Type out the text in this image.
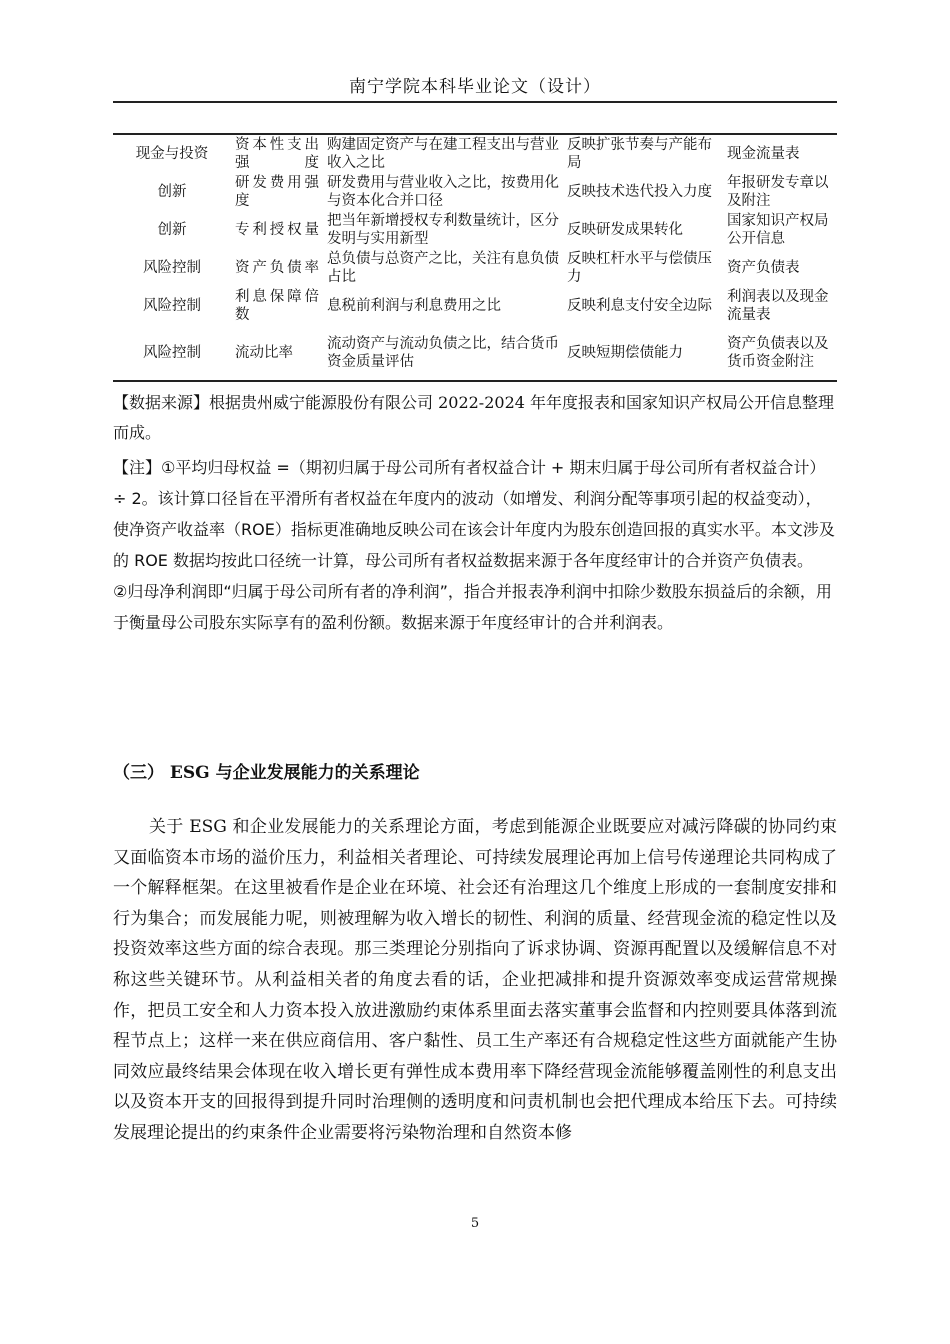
南宁学院本科毕业论文（设计）
现金与投资	资本性支出强度	购建固定资产与在建工程支出与营业收入之比	反映扩张节奏与产能布局	现金流量表
创新	研发费用强度	研发费用与营业收入之比，按费用化与资本化合并口径	反映技术迭代投入力度	年报研发专章以及附注
创新	专利授权量	把当年新增授权专利数量统计，区分发明与实用新型	反映研发成果转化	国家知识产权局公开信息
风险控制	资产负债率	总负债与总资产之比，关注有息负债占比	反映杠杆水平与偿债压力	资产负债表
风险控制	利息保障倍数	息税前利润与利息费用之比	反映利息支付安全边际	利润表以及现金流量表
风险控制	流动比率	流动资产与流动负债之比，结合货币资金质量评估	反映短期偿债能力	资产负债表以及货币资金附注

【数据来源】根据贵州威宁能源股份有限公司 2022-2024 年年度报表和国家知识产权局公开信息整理而成。

【注】①平均归母权益 =（期初归属于母公司所有者权益合计 + 期末归属于母公司所有者权益合计）÷ 2。该计算口径旨在平滑所有者权益在年度内的波动（如增发、利润分配等事项引起的权益变动），使净资产收益率（ROE）指标更准确地反映公司在该会计年度内为股东创造回报的真实水平。本文涉及的 ROE 数据均按此口径统一计算，母公司所有者权益数据来源于各年度经审计的合并资产负债表。

②归母净利润即“归属于母公司所有者的净利润”，指合并报表净利润中扣除少数股东损益后的余额，用于衡量母公司股东实际享有的盈利份额。数据来源于年度经审计的合并利润表。

（三） ESG 与企业发展能力的关系理论

关于 ESG 和企业发展能力的关系理论方面，考虑到能源企业既要应对减污降碳的协同约束又面临资本市场的溢价压力，利益相关者理论、可持续发展理论再加上信号传递理论共同构成了一个解释框架。在这里被看作是企业在环境、社会还有治理这几个维度上形成的一套制度安排和行为集合；而发展能力呢，则被理解为收入增长的韧性、利润的质量、经营现金流的稳定性以及投资效率这些方面的综合表现。那三类理论分别指向了诉求协调、资源再配置以及缓解信息不对称这些关键环节。从利益相关者的角度去看的话，企业把减排和提升资源效率变成运营常规操作，把员工安全和人力资本投入放进激励约束体系里面去落实董事会监督和内控则要具体落到流程节点上；这样一来在供应商信用、客户黏性、员工生产率还有合规稳定性这些方面就能产生协同效应最终结果会体现在收入增长更有弹性成本费用率下降经营现金流能够覆盖刚性的利息支出以及资本开支的回报得到提升同时治理侧的透明度和问责机制也会把代理成本给压下去。可持续发展理论提出的约束条件企业需要将污染物治理和自然资本修

5
